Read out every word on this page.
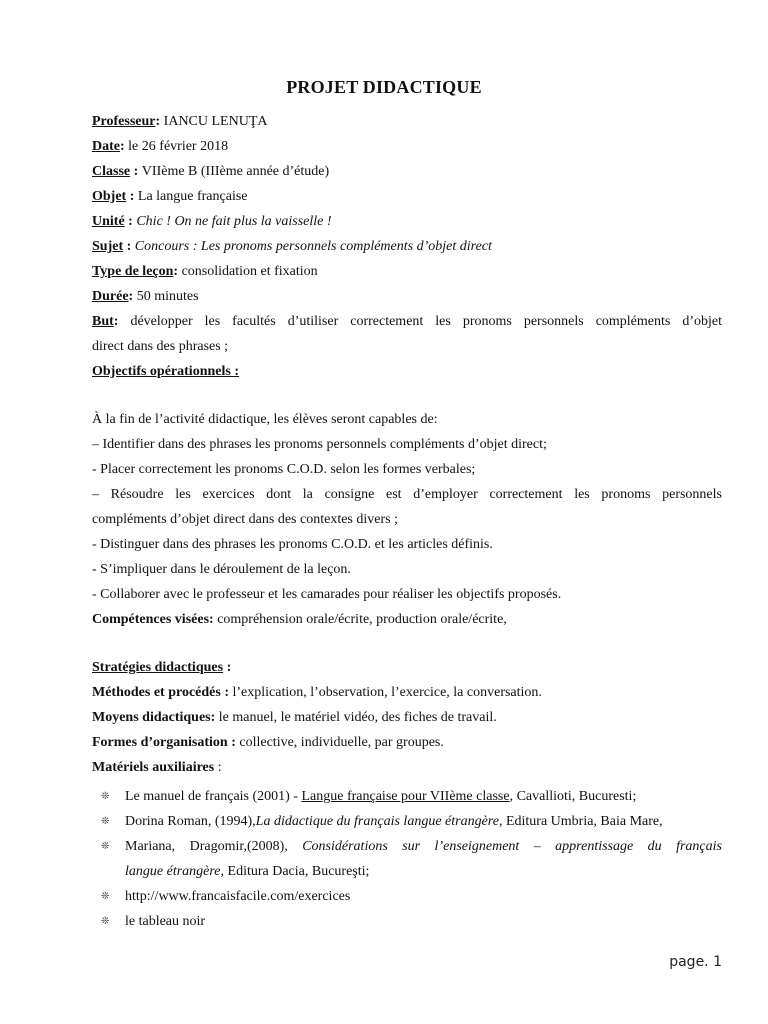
PROJET DIDACTIQUE
Professeur: IANCU LENUŢA
Date: le 26 février 2018
Classe : VIIème B (IIIème année d’étude)
Objet : La langue française
Unité : Chic ! On ne fait plus la vaisselle !
Sujet : Concours : Les pronoms personnels compléments d’objet direct
Type de leçon: consolidation et fixation
Durée: 50 minutes
But: développer les facultés d’utiliser correctement les pronoms personnels compléments d’objet
direct dans des phrases ;
Objectifs opérationnels :
À la fin de l’activité didactique, les élèves seront capables de:
– Identifier dans des phrases les pronoms personnels compléments d’objet direct;
- Placer correctement les pronoms C.O.D. selon les formes verbales;
– Résoudre les exercices dont la consigne est d’employer correctement les pronoms personnels
compléments d’objet direct dans des contextes divers ;
- Distinguer dans des phrases les pronoms C.O.D. et les articles définis.
- S’impliquer dans le déroulement de la leçon.
- Collaborer avec le professeur et les camarades pour réaliser les objectifs proposés.
Compétences visées: compréhension orale/écrite, production orale/écrite,
Stratégies didactiques :
Méthodes et procédés : l’explication, l’observation, l’exercice, la conversation.
Moyens didactiques: le manuel, le matériel vidéo, des fiches de travail.
Formes d’organisation : collective, individuelle, par groupes.
Matériels auxiliaires :
❊ Le manuel de français (2001) - Langue française pour VIIème classe, Cavallioti, Bucuresti;
❊ Dorina Roman, (1994),La didactique du français langue étrangère, Editura Umbria, Baia Mare,
❊ Mariana, Dragomir,(2008), Considérations sur l’enseignement – apprentissage du français
langue étrangère, Editura Dacia, Bucureşti;
❊ http://www.francaisfacile.com/exercices
❊ le tableau noir
page. 1
